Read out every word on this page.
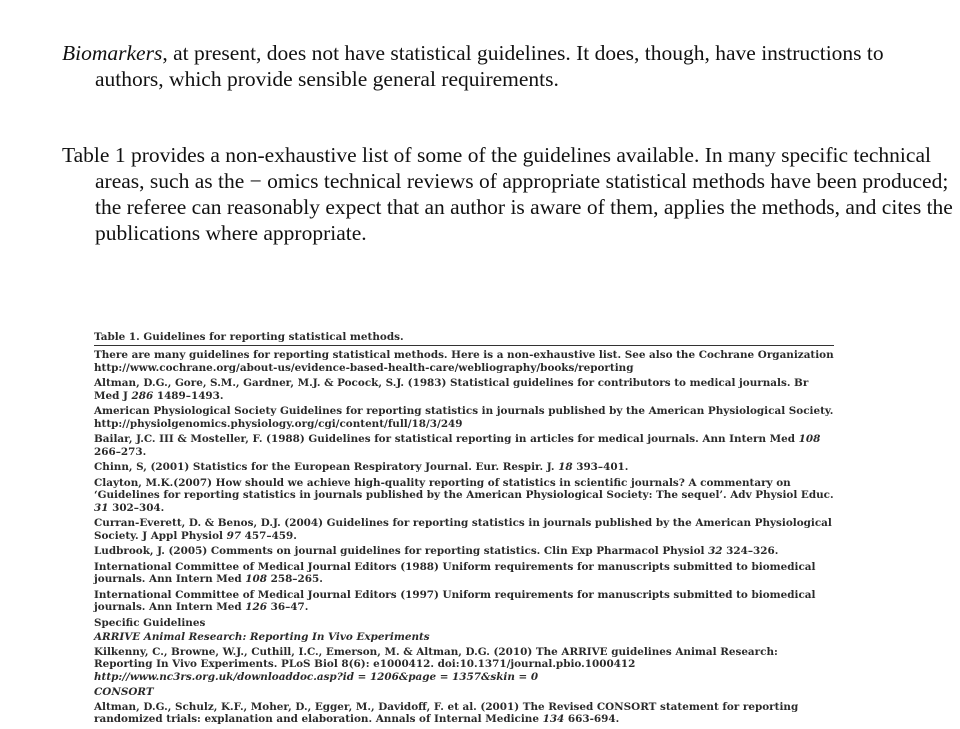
Biomarkers, at present, does not have statistical guidelines. It does, though, have instructions to authors, which provide sensible general requirements.
Table 1 provides a non-exhaustive list of some of the guidelines available. In many specific technical areas, such as the − omics technical reviews of appropriate statistical methods have been produced; the referee can reasonably expect that an author is aware of them, applies the methods, and cites the publications where appropriate.
Table 1. Guidelines for reporting statistical methods.
There are many guidelines for reporting statistical methods. Here is a non-exhaustive list. See also the Cochrane Organization http://www.cochrane.org/about-us/evidence-based-health-care/webliography/books/reporting
Altman, D.G., Gore, S.M., Gardner, M.J. & Pocock, S.J. (1983) Statistical guidelines for contributors to medical journals. Br Med J 286 1489–1493.
American Physiological Society Guidelines for reporting statistics in journals published by the American Physiological Society. http://physiolgenomics.physiology.org/cgi/content/full/18/3/249
Bailar, J.C. III & Mosteller, F. (1988) Guidelines for statistical reporting in articles for medical journals. Ann Intern Med 108 266–273.
Chinn, S, (2001) Statistics for the European Respiratory Journal. Eur. Respir. J. 18 393–401.
Clayton, M.K.(2007) How should we achieve high-quality reporting of statistics in scientific journals? A commentary on ‘Guidelines for reporting statistics in journals published by the American Physiological Society: The sequel’. Adv Physiol Educ. 31 302–304.
Curran-Everett, D. & Benos, D.J. (2004) Guidelines for reporting statistics in journals published by the American Physiological Society. J Appl Physiol 97 457–459.
Ludbrook, J. (2005) Comments on journal guidelines for reporting statistics. Clin Exp Pharmacol Physiol 32 324–326.
International Committee of Medical Journal Editors (1988) Uniform requirements for manuscripts submitted to biomedical journals. Ann Intern Med 108 258–265.
International Committee of Medical Journal Editors (1997) Uniform requirements for manuscripts submitted to biomedical journals. Ann Intern Med 126 36–47.
Specific Guidelines
ARRIVE Animal Research: Reporting In Vivo Experiments
Kilkenny, C., Browne, W.J., Cuthill, I.C., Emerson, M. & Altman, D.G. (2010) The ARRIVE guidelines Animal Research: Reporting In Vivo Experiments. PLoS Biol 8(6): e1000412. doi:10.1371/journal.pbio.1000412
http://www.nc3rs.org.uk/downloaddoc.asp?id = 1206&page = 1357&skin = 0
CONSORT
Altman, D.G., Schulz, K.F., Moher, D., Egger, M., Davidoff, F. et al. (2001) The Revised CONSORT statement for reporting randomized trials: explanation and elaboration. Annals of Internal Medicine 134 663-694.
